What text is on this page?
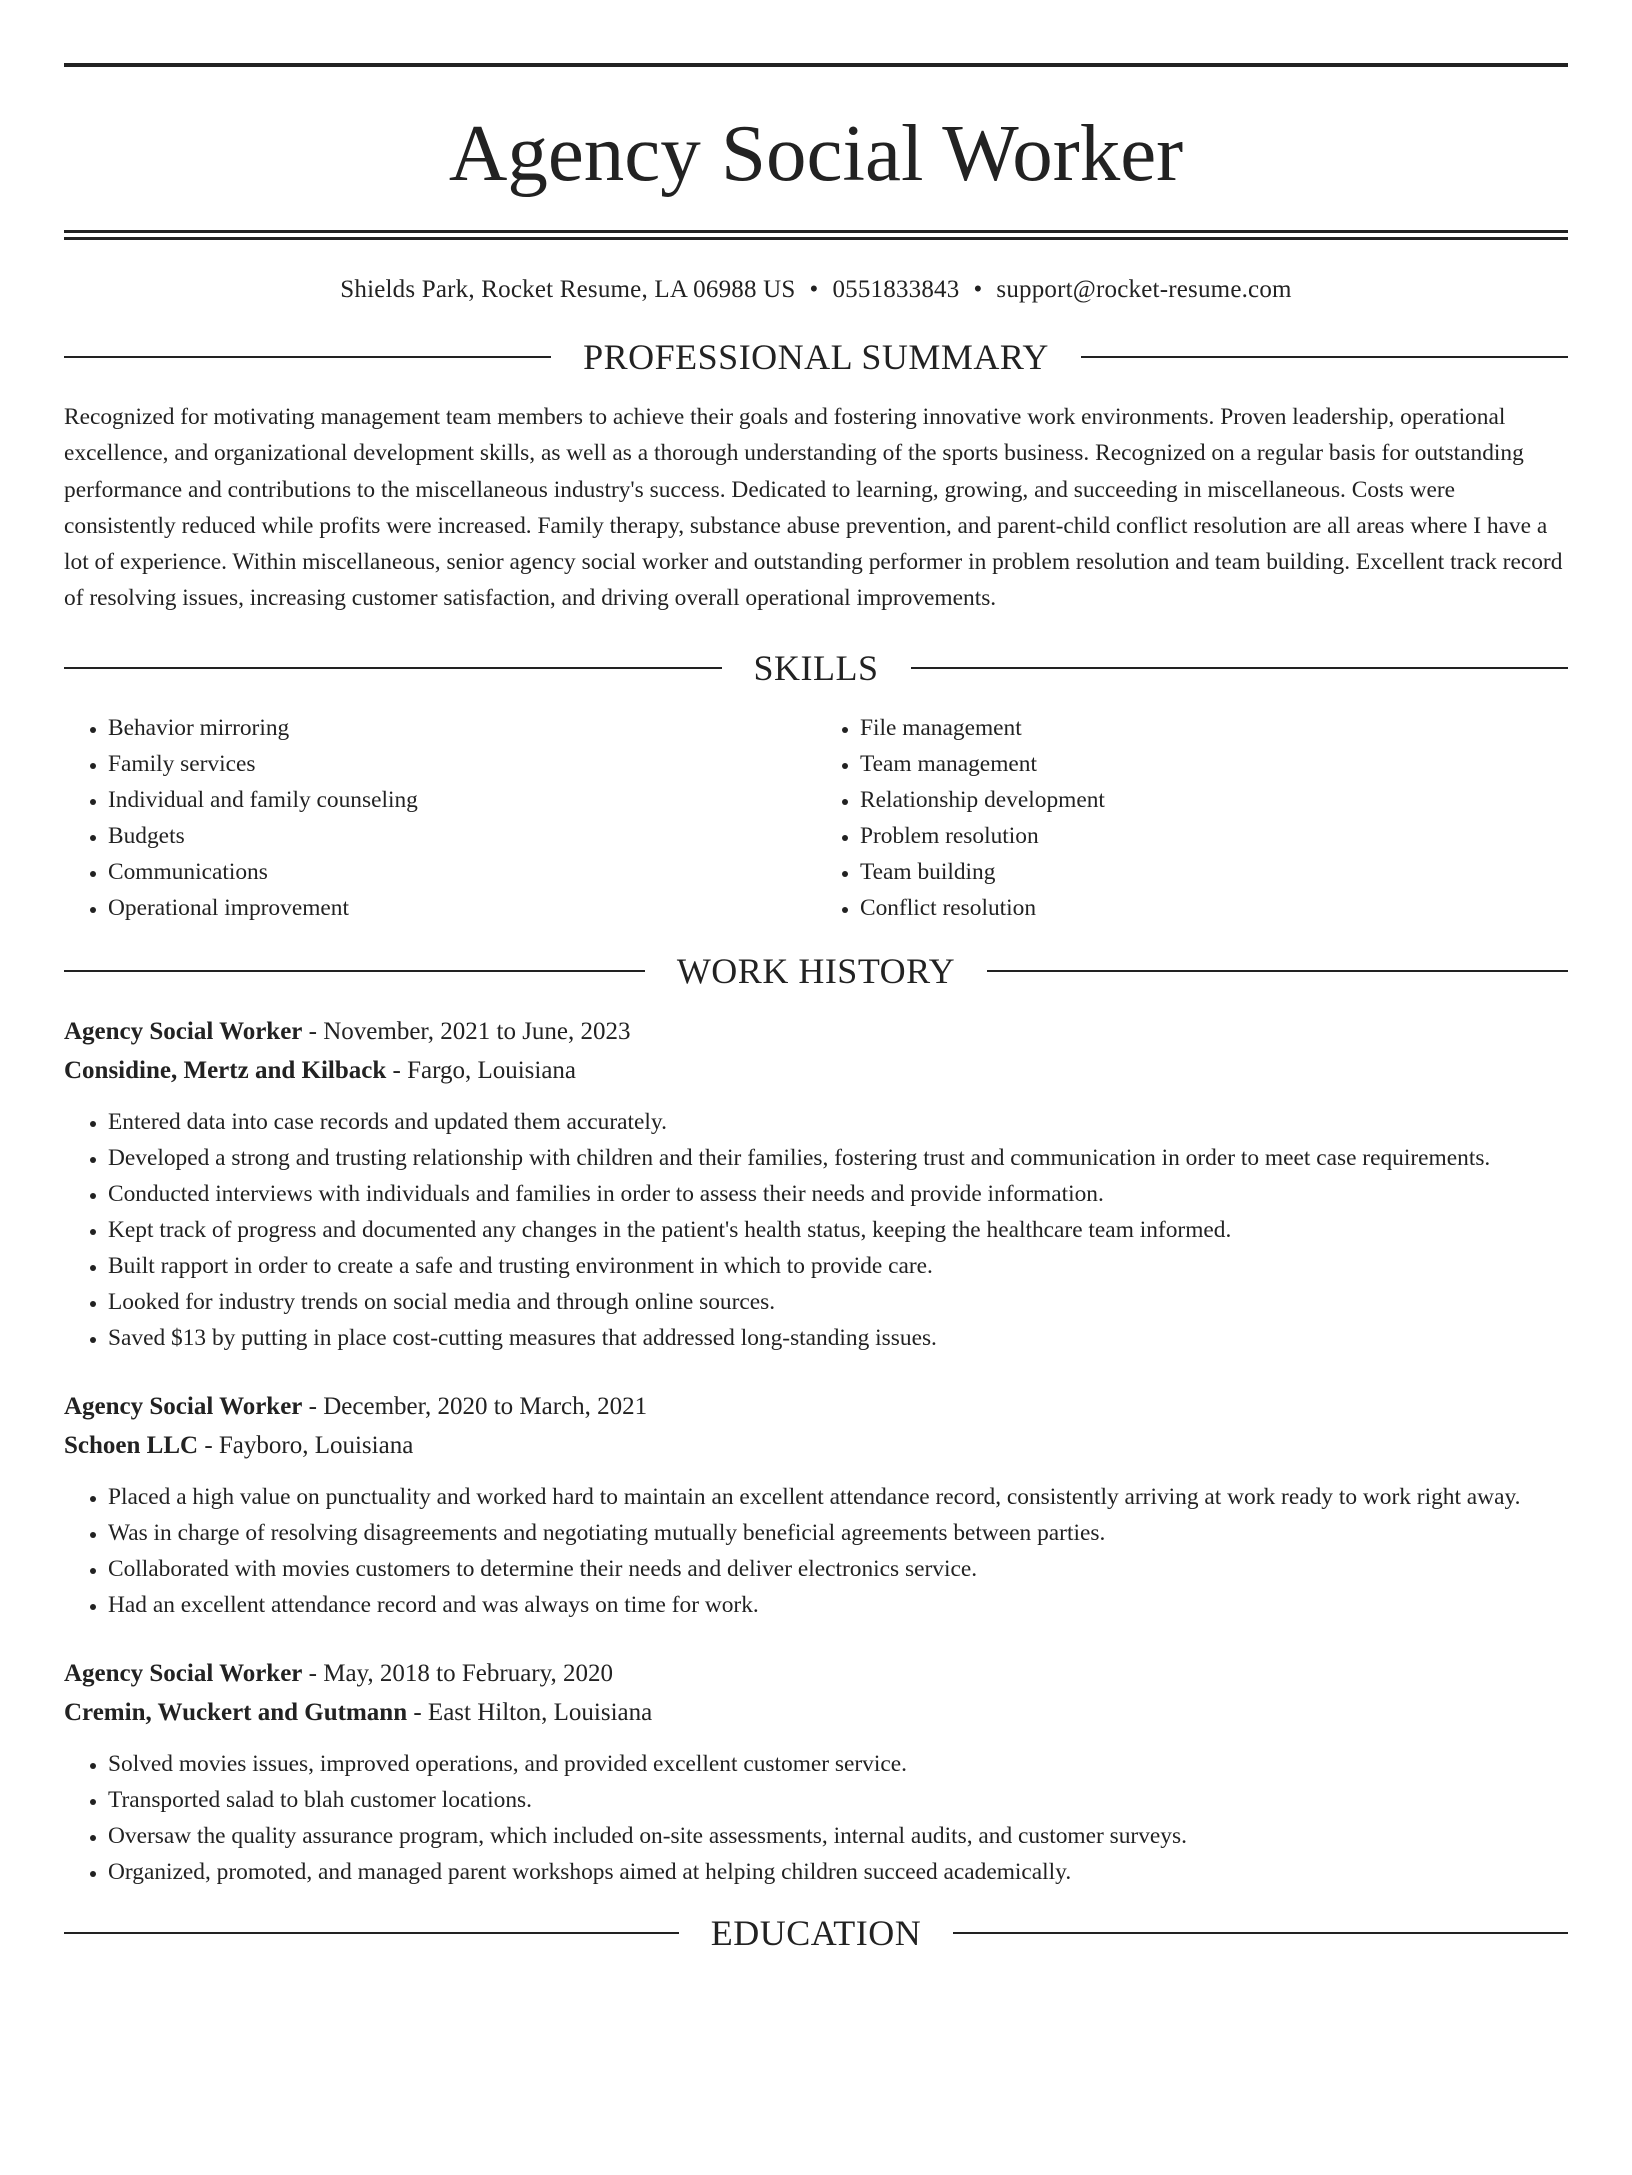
Agency Social Worker
Shields Park, Rocket Resume, LA 06988 US • 0551833843 • support@rocket-resume.com
PROFESSIONAL SUMMARY

Recognized for motivating management team members to achieve their goals and fostering innovative work environments. Proven leadership, operational excellence, and organizational development skills, as well as a thorough understanding of the sports business. Recognized on a regular basis for outstanding performance and contributions to the miscellaneous industry's success. Dedicated to learning, growing, and succeeding in miscellaneous. Costs were consistently reduced while profits were increased. Family therapy, substance abuse prevention, and parent-child conflict resolution are all areas where I have a lot of experience. Within miscellaneous, senior agency social worker and outstanding performer in problem resolution and team building. Excellent track record of resolving issues, increasing customer satisfaction, and driving overall operational improvements.

SKILLS
• Behavior mirroring
• Family services
• Individual and family counseling
• Budgets
• Communications
• Operational improvement
• File management
• Team management
• Relationship development
• Problem resolution
• Team building
• Conflict resolution
WORK HISTORY
Agency Social Worker - November, 2021 to June, 2023
Considine, Mertz and Kilback - Fargo, Louisiana
• Entered data into case records and updated them accurately.
• Developed a strong and trusting relationship with children and their families, fostering trust and communication in order to meet case requirements.
• Conducted interviews with individuals and families in order to assess their needs and provide information.
• Kept track of progress and documented any changes in the patient's health status, keeping the healthcare team informed.
• Built rapport in order to create a safe and trusting environment in which to provide care.
• Looked for industry trends on social media and through online sources.
• Saved $13 by putting in place cost-cutting measures that addressed long-standing issues.
Agency Social Worker - December, 2020 to March, 2021
Schoen LLC - Fayboro, Louisiana
• Placed a high value on punctuality and worked hard to maintain an excellent attendance record, consistently arriving at work ready to work right away.
• Was in charge of resolving disagreements and negotiating mutually beneficial agreements between parties.
• Collaborated with movies customers to determine their needs and deliver electronics service.
• Had an excellent attendance record and was always on time for work.
Agency Social Worker - May, 2018 to February, 2020
Cremin, Wuckert and Gutmann - East Hilton, Louisiana
• Solved movies issues, improved operations, and provided excellent customer service.
• Transported salad to blah customer locations.
• Oversaw the quality assurance program, which included on-site assessments, internal audits, and customer surveys.
• Organized, promoted, and managed parent workshops aimed at helping children succeed academically.
EDUCATION
